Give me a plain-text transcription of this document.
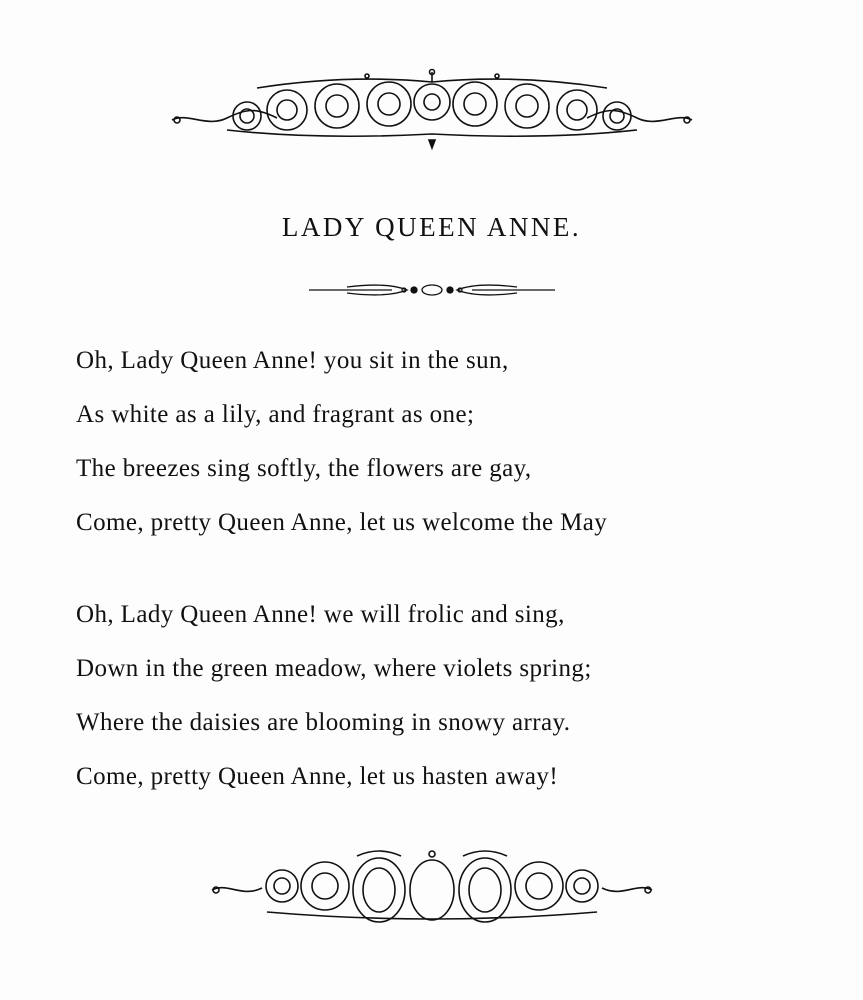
LADY QUEEN ANNE.
Oh, Lady Queen Anne! you sit in the sun,
As white as a lily, and fragrant as one;
The breezes sing softly, the flowers are gay,
Come, pretty Queen Anne, let us welcome the May
Oh, Lady Queen Anne! we will frolic and sing,
Down in the green meadow, where violets spring;
Where the daisies are blooming in snowy array.
Come, pretty Queen Anne, let us hasten away!
